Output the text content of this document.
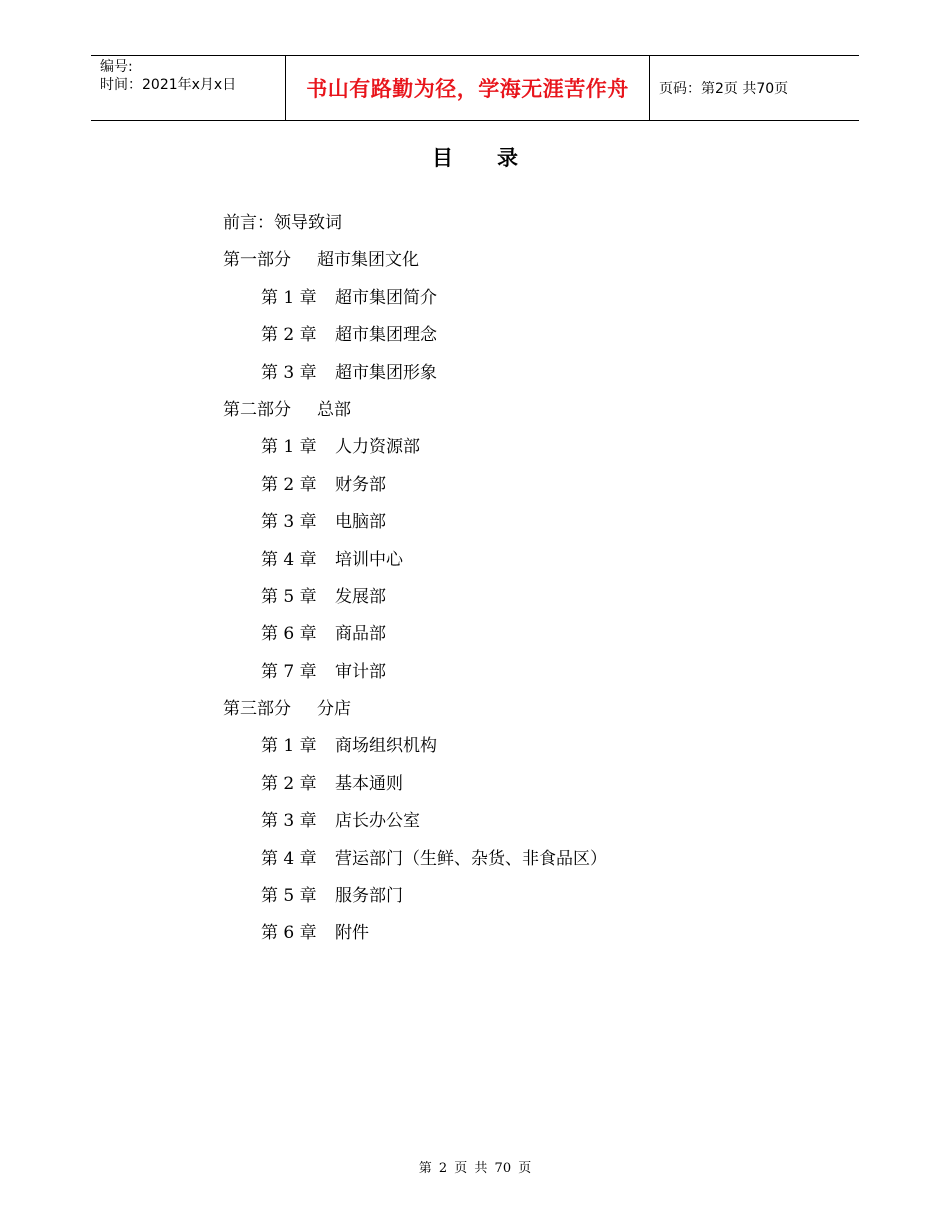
编号:
时间：2021年x月x日	书山有路勤为径，学海无涯苦作舟 页码：第2页 共70页
目录
前言：领导致词
第一部分 超市集团文化
第 1 章 超市集团简介
第 2 章 超市集团理念
第 3 章 超市集团形象
第二部分 总部
第 1 章 人力资源部
第 2 章 财务部
第 3 章 电脑部
第 4 章 培训中心
第 5 章 发展部
第 6 章 商品部
第 7 章 审计部
第三部分 分店
第 1 章 商场组织机构
第 2 章 基本通则
第 3 章 店长办公室
第 4 章 营运部门（生鲜、杂货、非食品区）
第 5 章 服务部门
第 6 章 附件
第 2 页 共 70 页
